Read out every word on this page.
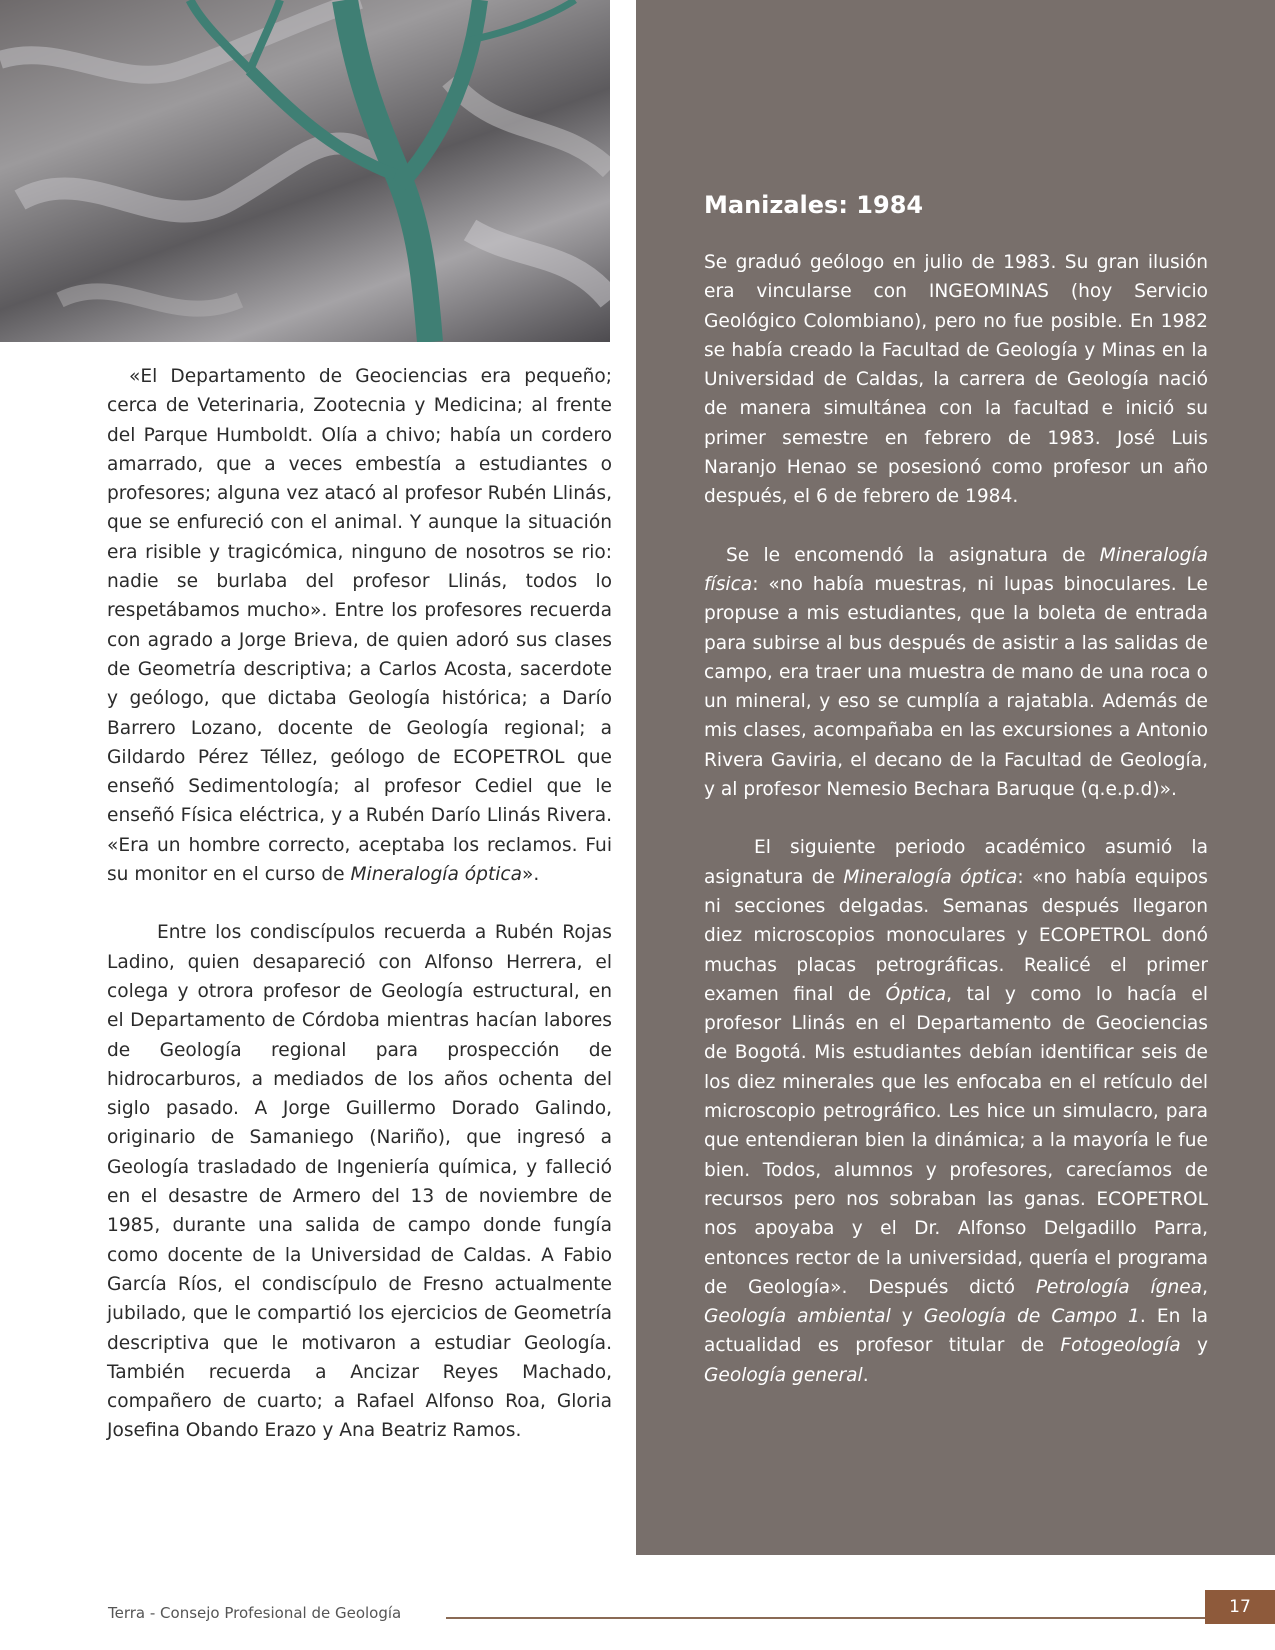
«El Departamento de Geociencias era pequeño; cerca de Veterinaria, Zootecnia y Medicina; al frente del Parque Humboldt. Olía a chivo; había un cordero amarrado, que a veces embestía a estudiantes o profesores; alguna vez atacó al profesor Rubén Llinás, que se enfureció con el animal. Y aunque la situación era risible y tragicómica, ninguno de nosotros se rio: nadie se burlaba del profesor Llinás, todos lo respetábamos mucho». Entre los profesores recuerda con agrado a Jorge Brieva, de quien adoró sus clases de Geometría descriptiva; a Carlos Acosta, sacerdote y geólogo, que dictaba Geología histórica; a Darío Barrero Lozano, docente de Geología regional; a Gildardo Pérez Téllez, geólogo de ECOPETROL que enseñó Sedimentología; al profesor Cediel que le enseñó Física eléctrica, y a Rubén Darío Llinás Rivera. «Era un hombre correcto, aceptaba los reclamos. Fui su monitor en el curso de Mineralogía óptica».

Entre los condiscípulos recuerda a Rubén Rojas Ladino, quien desapareció con Alfonso Herrera, el colega y otrora profesor de Geología estructural, en el Departamento de Córdoba mientras hacían labores de Geología regional para prospección de hidrocarburos, a mediados de los años ochenta del siglo pasado. A Jorge Guillermo Dorado Galindo, originario de Samaniego (Nariño), que ingresó a Geología trasladado de Ingeniería química, y falleció en el desastre de Armero del 13 de noviembre de 1985, durante una salida de campo donde fungía como docente de la Universidad de Caldas. A Fabio García Ríos, el condiscípulo de Fresno actualmente jubilado, que le compartió los ejercicios de Geometría descriptiva que le motivaron a estudiar Geología. También recuerda a Ancizar Reyes Machado, compañero de cuarto; a Rafael Alfonso Roa, Gloria Josefina Obando Erazo y Ana Beatriz Ramos.

Manizales: 1984

Se graduó geólogo en julio de 1983. Su gran ilusión era vincularse con INGEOMINAS (hoy Servicio Geológico Colombiano), pero no fue posible. En 1982 se había creado la Facultad de Geología y Minas en la Universidad de Caldas, la carrera de Geología nació de manera simultánea con la facultad e inició su primer semestre en febrero de 1983. José Luis Naranjo Henao se posesionó como profesor un año después, el 6 de febrero de 1984.

Se le encomendó la asignatura de Mineralogía física: «no había muestras, ni lupas binoculares. Le propuse a mis estudiantes, que la boleta de entrada para subirse al bus después de asistir a las salidas de campo, era traer una muestra de mano de una roca o un mineral, y eso se cumplía a rajatabla. Además de mis clases, acompañaba en las excursiones a Antonio Rivera Gaviria, el decano de la Facultad de Geología, y al profesor Nemesio Bechara Baruque (q.e.p.d)».

El siguiente periodo académico asumió la asignatura de Mineralogía óptica: «no había equipos ni secciones delgadas. Semanas después llegaron diez microscopios monoculares y ECOPETROL donó muchas placas petrográficas. Realicé el primer examen final de Óptica, tal y como lo hacía el profesor Llinás en el Departamento de Geociencias de Bogotá. Mis estudiantes debían identificar seis de los diez minerales que les enfocaba en el retículo del microscopio petrográfico. Les hice un simulacro, para que entendieran bien la dinámica; a la mayoría le fue bien. Todos, alumnos y profesores, carecíamos de recursos pero nos sobraban las ganas. ECOPETROL nos apoyaba y el Dr. Alfonso Delgadillo Parra, entonces rector de la universidad, quería el programa de Geología». Después dictó Petrología ígnea, Geología ambiental y Geología de Campo 1. En la actualidad es profesor titular de Fotogeología y Geología general.

Terra - Consejo Profesional de Geología	17
